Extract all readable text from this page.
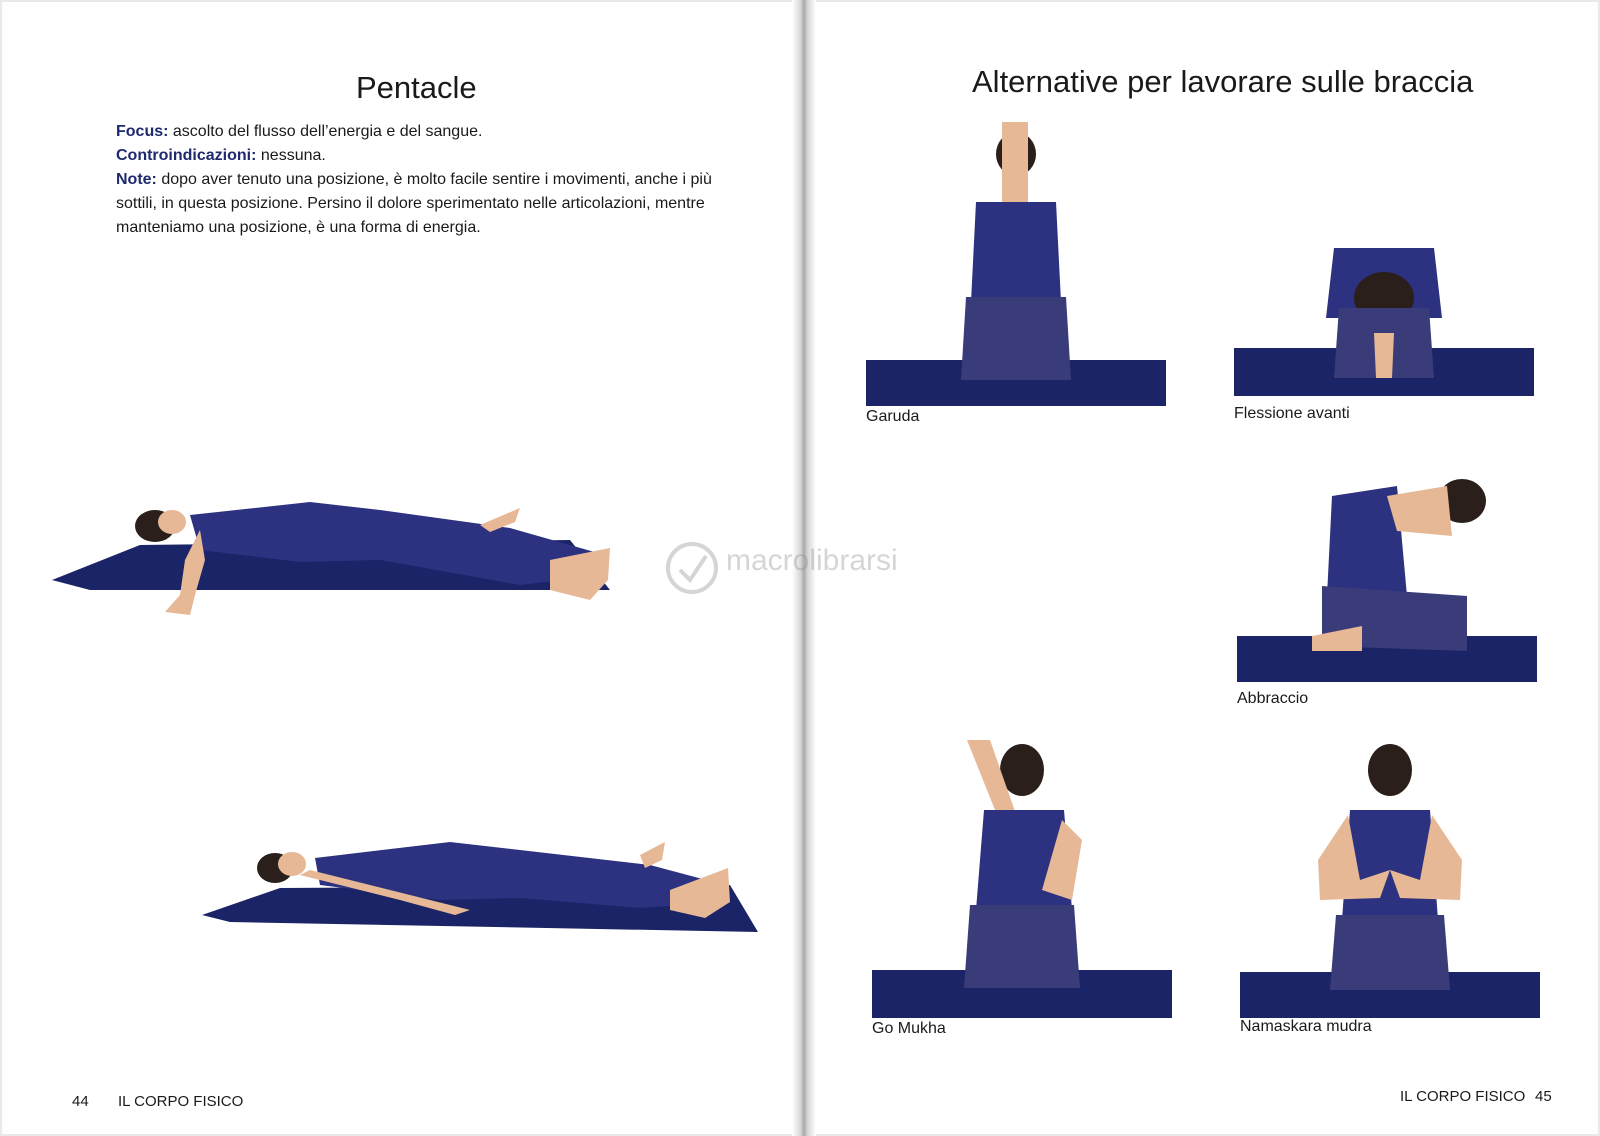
Pentacle

Focus: ascolto del flusso dell’energia e del sangue.

Controindicazioni: nessuna.

Note: dopo aver tenuto una posizione, è molto facile sentire i movimenti, anche i più sottili, in questa posizione. Persino il dolore sperimentato nelle articolazioni, mentre manteniamo una posizione, è una forma di energia.

44 IL CORPO FISICO
Alternative per lavorare sulle braccia
Garuda	Flessione avanti
Abbraccio
Go Mukha	Namaskara mudra
IL CORPO FISICO 45
macrolibrarsi
